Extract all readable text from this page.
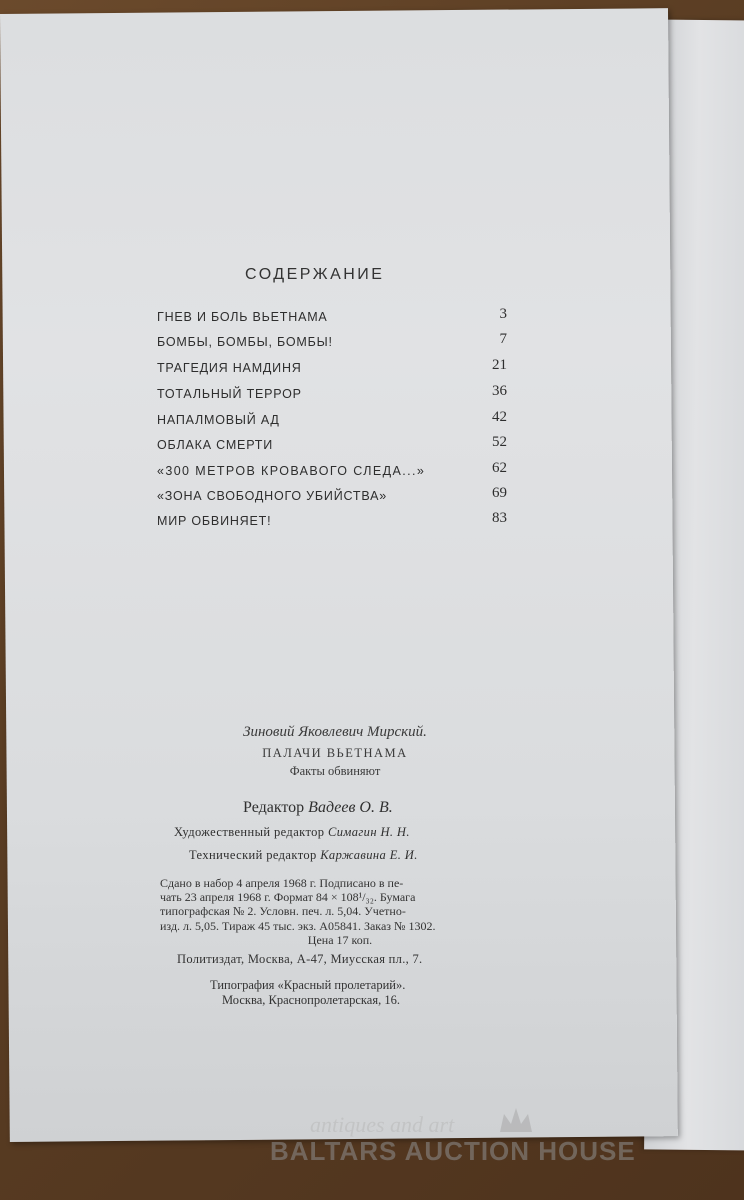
СОДЕРЖАНИЕ
ГНЕВ И БОЛЬ ВЬЕТНАМА	3
БОМБЫ, БОМБЫ, БОМБЫ!	7
ТРАГЕДИЯ НАМДИНЯ	21
ТОТАЛЬНЫЙ ТЕРРОР	36
НАПАЛМОВЫЙ АД	42
ОБЛАКА СМЕРТИ	52
«300 МЕТРОВ КРОВАВОГО СЛЕДА...»	62
«ЗОНА СВОБОДНОГО УБИЙСТВА»	69
МИР ОБВИНЯЕТ!	83
Зиновий Яковлевич Мирский.
ПАЛАЧИ ВЬЕТНАМА
Факты обвиняют
Редактор Вадеев О. В.
Художественный редактор Симагин Н. Н.
Технический редактор Каржавина Е. И.
Сдано в набор 4 апреля 1968 г. Подписано в пе-
чать 23 апреля 1968 г. Формат 84 × 108¹/₃₂. Бумага
типографская № 2. Условн. печ. л. 5,04. Учетно-
изд. л. 5,05. Тираж 45 тыс. экз. А05841. Заказ № 1302.
Цена 17 коп.
Политиздат, Москва, А-47, Миусская пл., 7.
Типография «Красный пролетарий».
Москва, Краснопролетарская, 16.
antiques and art
BALTARS AUCTION HOUSE
